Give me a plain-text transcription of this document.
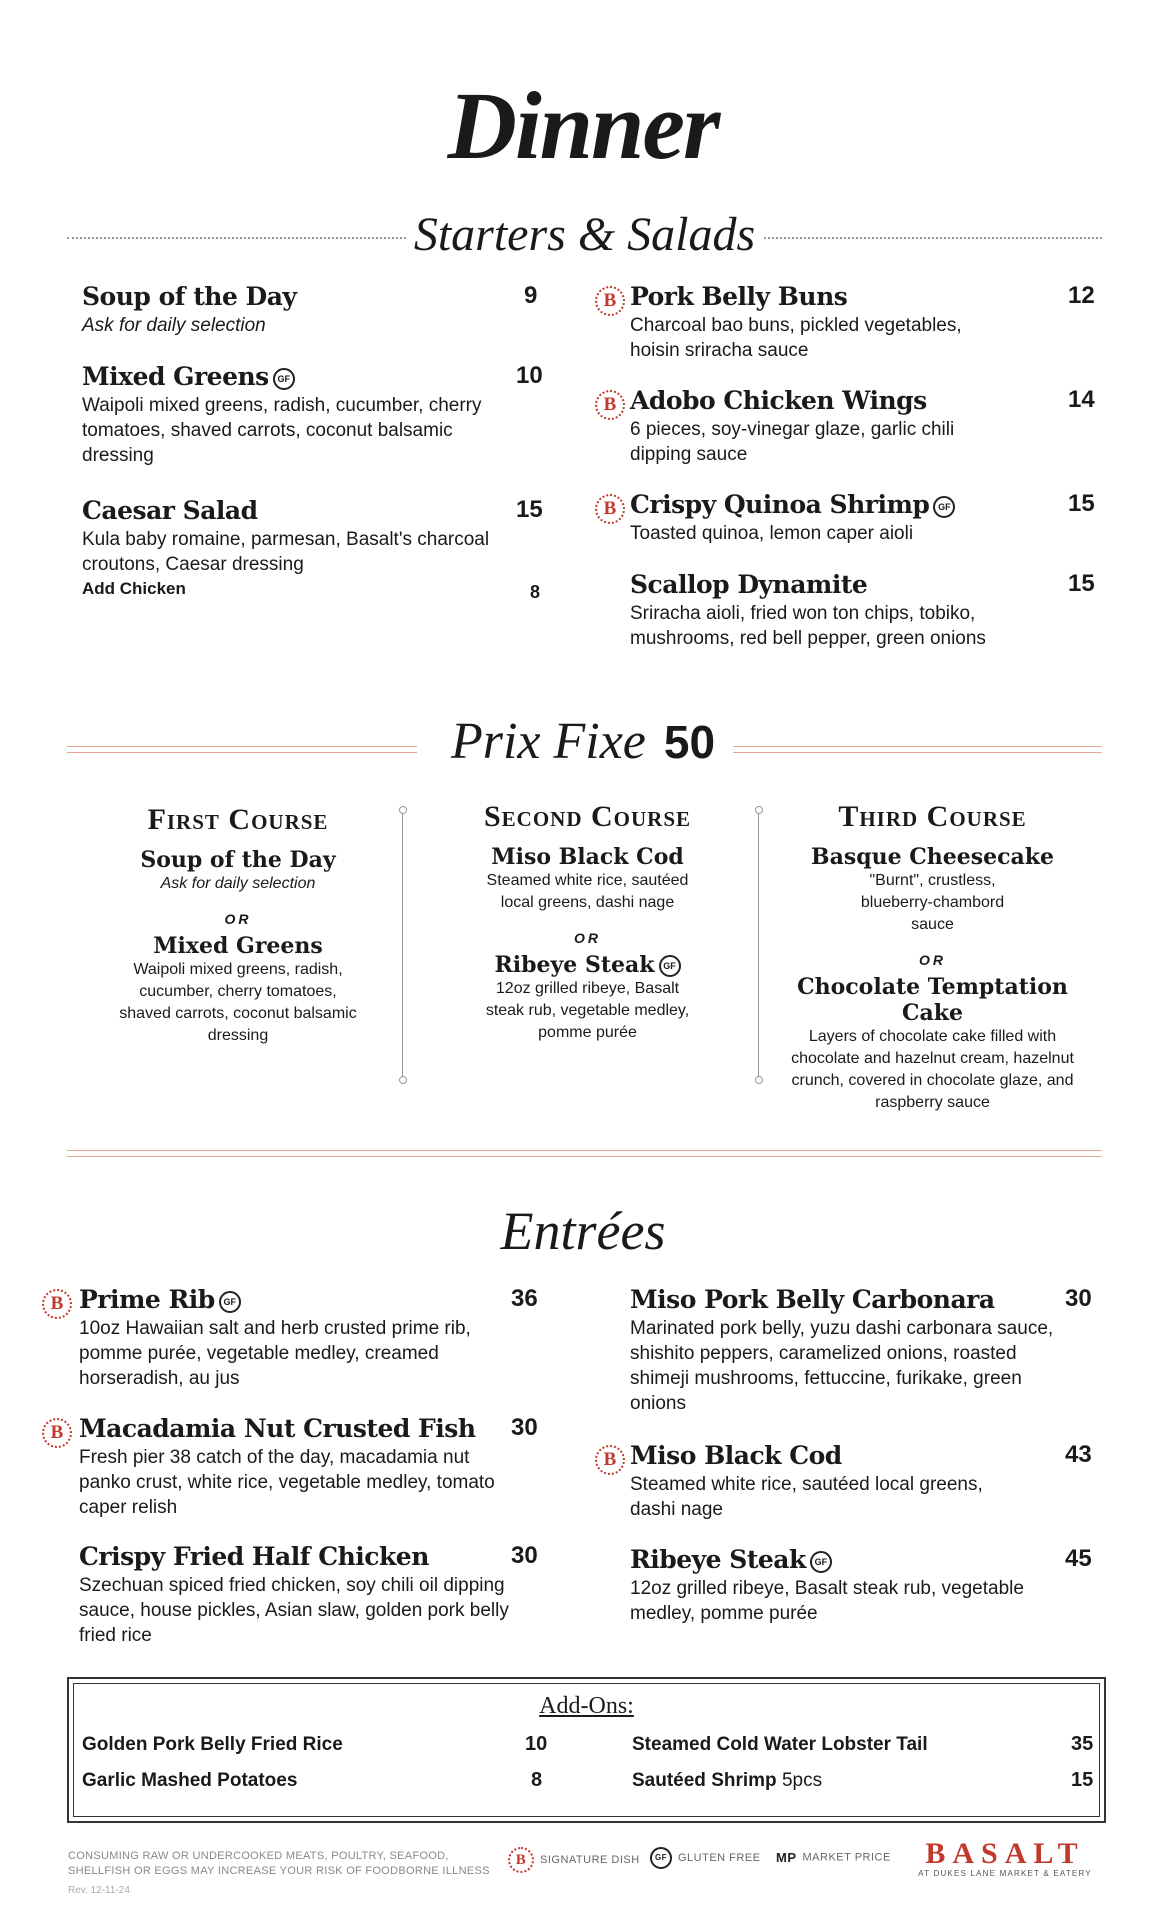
Dinner
Starters & Salads
Soup of the Day	9
Ask for daily selection
Mixed Greens GF	10
Waipoli mixed greens, radish, cucumber, cherry tomatoes, shaved carrots, coconut balsamic dressing
Caesar Salad	15
Kula baby romaine, parmesan, Basalt's charcoal croutons, Caesar dressing
Add Chicken	8
B Pork Belly Buns	12
Charcoal bao buns, pickled vegetables, hoisin sriracha sauce
B Adobo Chicken Wings	14
6 pieces, soy-vinegar glaze, garlic chili dipping sauce
B Crispy Quinoa Shrimp GF	15
Toasted quinoa, lemon caper aioli
Scallop Dynamite	15
Sriracha aioli, fried won ton chips, tobiko, mushrooms, red bell pepper, green onions
Prix Fixe 50
First Course
Soup of the Day
Ask for daily selection
OR
Mixed Greens
Waipoli mixed greens, radish, cucumber, cherry tomatoes, shaved carrots, coconut balsamic dressing
Second Course
Miso Black Cod
Steamed white rice, sautéed local greens, dashi nage
OR
Ribeye Steak GF
12oz grilled ribeye, Basalt steak rub, vegetable medley, pomme purée
Third Course
Basque Cheesecake
"Burnt", crustless, blueberry-chambord sauce
OR
Chocolate Temptation Cake
Layers of chocolate cake filled with chocolate and hazelnut cream, hazelnut crunch, covered in chocolate glaze, and raspberry sauce
Entrées
B Prime Rib GF	36
10oz Hawaiian salt and herb crusted prime rib, pomme purée, vegetable medley, creamed horseradish, au jus
B Macadamia Nut Crusted Fish	30
Fresh pier 38 catch of the day, macadamia nut panko crust, white rice, vegetable medley, tomato caper relish
Crispy Fried Half Chicken	30
Szechuan spiced fried chicken, soy chili oil dipping sauce, house pickles, Asian slaw, golden pork belly fried rice
Miso Pork Belly Carbonara	30
Marinated pork belly, yuzu dashi carbonara sauce, shishito peppers, caramelized onions, roasted shimeji mushrooms, fettuccine, furikake, green onions
B Miso Black Cod	43
Steamed white rice, sautéed local greens, dashi nage
Ribeye Steak GF	45
12oz grilled ribeye, Basalt steak rub, vegetable medley, pomme purée
Add-Ons:
Golden Pork Belly Fried Rice	10
Garlic Mashed Potatoes	8
Steamed Cold Water Lobster Tail	35
Sautéed Shrimp 5pcs	15
CONSUMING RAW OR UNDERCOOKED MEATS, POULTRY, SEAFOOD,
SHELLFISH OR EGGS MAY INCREASE YOUR RISK OF FOODBORNE ILLNESS
Rev. 12-11-24
B SIGNATURE DISH	GF GLUTEN FREE MP MARKET PRICE	BASALT
AT DUKES LANE MARKET & EATERY
